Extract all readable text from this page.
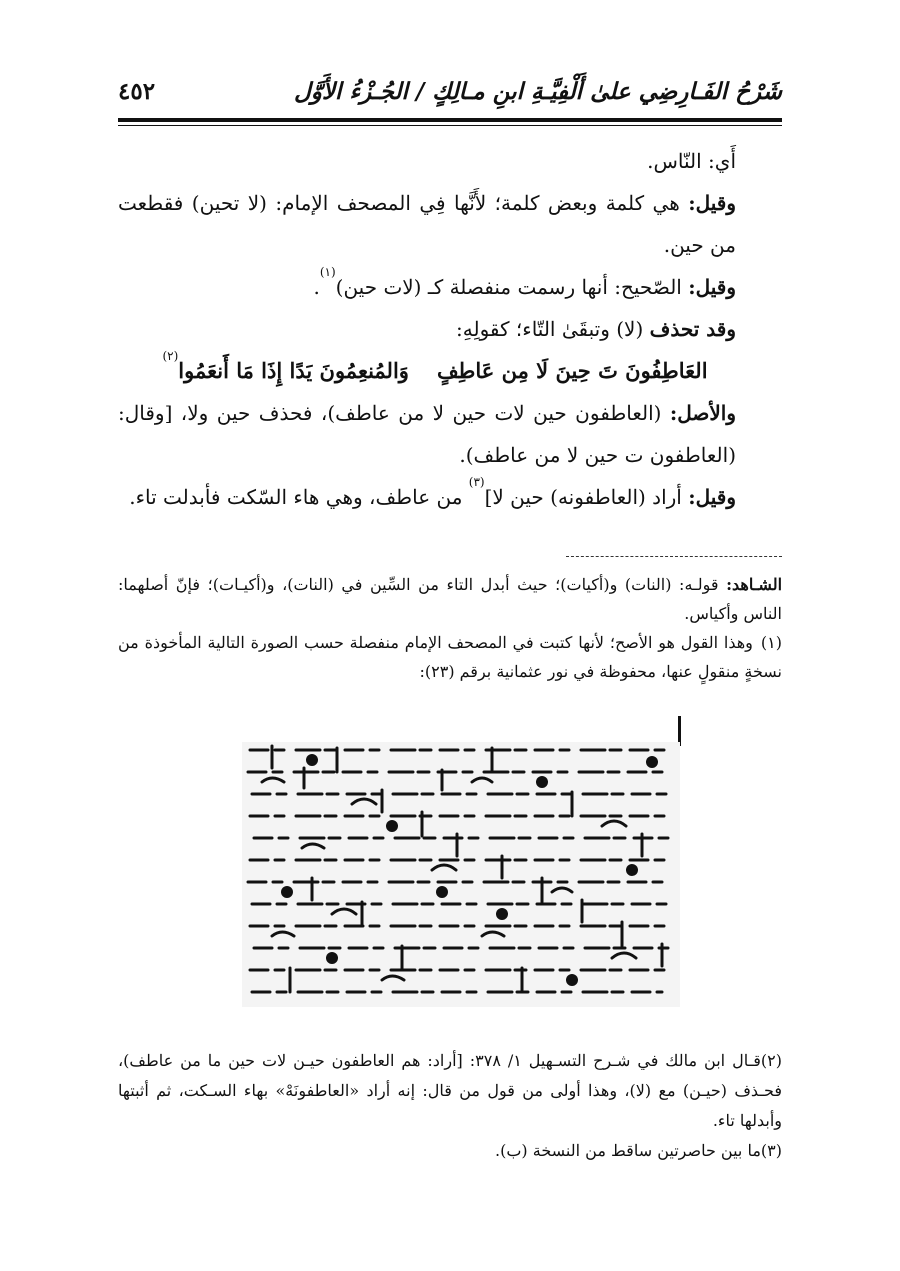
شَرْحُ الفَـارِضِي علىٰ أَلْفِيَّـةِ ابنِ مـالِكٍ / الجُـزْءُ الأَوَّل
٤٥٢

أَي: النّاس.

وقيل: هي كلمة وبعض كلمة؛ لأَنَّها فِي المصحف الإمام: (لا تحين) فقطعت من حين.

وقيل: الصّحيح: أنها رسمت منفصلة كـ (لات حين)$^{(١)}$.

وقد تحذف (لا) وتبقَىٰ التّاء؛ كقولِهِ:

العَاطِفُونَ تَ حِينَ لَا مِن عَاطِفٍوَالمُنعِمُونَ يَدًا إِذَا مَا أَنعَمُوا$^{(٢)}$

والأصل: (العاطفون حين لات حين لا من عاطف)، فحذف حين ولا، [وقال: (العاطفون ت حين لا من عاطف).

وقيل: أراد (العاطفونه) حين لا]$^{(٣)}$ من عاطف، وهي هاء السّكت فأبدلت تاء.

الشـاهد: قولـه: (النات) و(أكيات)؛ حيث أبدل التاء من السِّين في (النات)، و(أكيـات)؛ فإنّ أصلهما: الناس وأكياس.

(١)وهذا القول هو الأصح؛ لأنها كتبت في المصحف الإمام منفصلة حسب الصورة التالية المأخوذة من نسخةٍ منقولٍ عنها، محفوظة في نور عثمانية برقم (٢٣):

(٢)قـال ابن مالك في شـرح التسـهيل ١/ ٣٧٨: [أراد: هم العاطفون حيـن لات حين ما من عاطف)، فحـذف (حيـن) مع (لا)، وهذا أولى من قول من قال: إنه أراد «العاطفونَهْ» بهاء السـكت، ثم أثبتها وأبدلها تاء.

(٣)ما بين حاصرتين ساقط من النسخة (ب).
